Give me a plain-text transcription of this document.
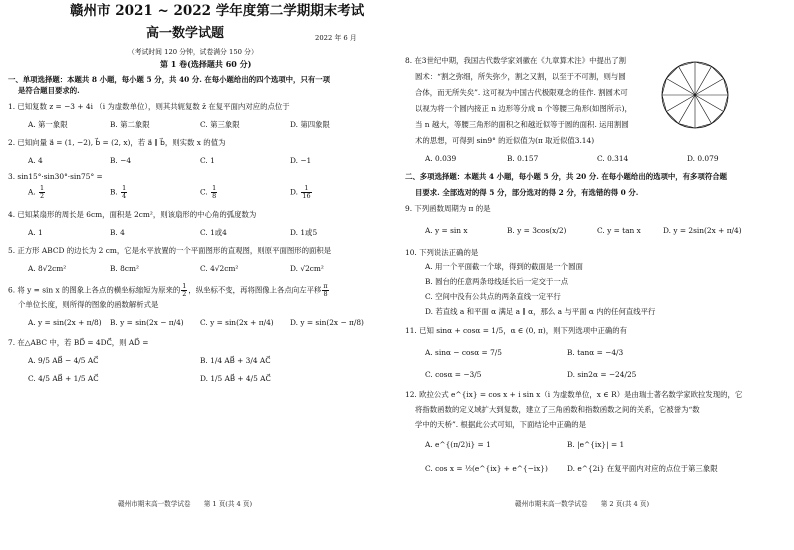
赣州市 2021 ~ 2022 学年度第二学期期末考试
高一数学试题	2022 年 6 月
（考试时间 120 分钟，试卷满分 150 分）
第 1 卷(选择题共 60 分)
一、单项选择题：本题共 8 小题，每小题 5 分，共 40 分. 在每小题给出的四个选项中，只有一项
是符合题目要求的.
1. 已知复数 z = −3 + 4i （i 为虚数单位），则其共轭复数 z̄ 在复平面内对应的点位于
A. 第一象限	B. 第二象限	C. 第三象限	D. 第四象限
2. 已知向量 a⃗ = (1, −2), b⃗ = (2, x)，若 a⃗ ∥ b⃗，则实数 x 的值为
A. 4	B. −4	C. 1	D. −1
3. sin15°·sin30°·sin75° =
A. $\frac{1}{2}$	B. $\frac{1}{4}$	C. $\frac{1}{8}$	D. $\frac{1}{16}$
4. 已知某扇形的周长是 6cm，面积是 2cm²，则该扇形的中心角的弧度数为
A. 1	B. 4	C. 1或4	D. 1或5
5. 正方形 ABCD 的边长为 2 cm，它是水平放置的一个平面图形的直观图，则原平面图形的面积是
A. 8√2cm²	B. 8cm²	C. 4√2cm²	D. √2cm²
6. 将 y = sin x 的图象上各点的横坐标缩短为原来的 $\frac{1}{2}$ ，纵坐标不变，再将图像上各点向左平移 $\frac{\pi}{8}$
个单位长度，则所得的图象的函数解析式是
A. y = sin(2x + π/8) B. y = sin(2x − π/4) C. y = sin(2x + π/4) D. y = sin(2x − π/8)
7. 在△ABC 中，若 BD⃗ = 4DC⃗，则 AD⃗ =
A. 9/5 AB⃗ − 4/5 AC⃗	B. 1/4 AB⃗ + 3/4 AC⃗
C. 4/5 AB⃗ + 1/5 AC⃗	D. 1/5 AB⃗ + 4/5 AC⃗
赣州市期末高一数学试卷　　第 1 页(共 4 页)
8. 在3世纪中期，我国古代数学家刘徽在《九章算术注》中提出了割
圆术：“割之弥细，所失弥少，割之又割，以至于不可割，则与圆
合体，而无所失矣”. 这可视为中国古代极限观念的佳作. 割圆术可
以视为将一个圆内接正 n 边形等分成 n 个等腰三角形(如图所示)，
当 n 越大，等腰三角形的面积之和越近似等于圆的面积. 运用割圆
术的思想，可得到 sin9° 的近似值为(π 取近似值3.14)
A. 0.039	B. 0.157	C. 0.314	D. 0.079
二、多项选择题：本题共 4 小题，每小题 5 分，共 20 分. 在每小题给出的选项中，有多项符合题
目要求. 全部选对的得 5 分，部分选对的得 2 分，有选错的得 0 分.
9. 下列函数周期为 π 的是
A. y = sin x	B. y = 3cos(x/2)	C. y = tan x	D. y = 2sin(2x + π/4)
10. 下列说法正确的是
A. 用一个平面截一个球，得到的截面是一个圆面
B. 圆台的任意两条母线延长后一定交于一点
C. 空间中没有公共点的两条直线一定平行
D. 若直线 a 和平面 α 满足 a ∥ α，那么 a 与平面 α 内的任何直线平行
11. 已知 sinα + cosα = 1/5，α ∈ (0, π)，则下列选项中正确的有
A. sinα − cosα = 7/5	B. tanα = −4/3
C. cosα = −3/5	D. sin2α = −24/25
12. 欧拉公式 e^{ix} = cos x + i sin x（i 为虚数单位，x ∈ R）是由瑞士著名数学家欧拉发现的，它
将指数函数的定义域扩大到复数，建立了三角函数和指数函数之间的关系，它被誉为“数
学中的天桥”. 根据此公式可知，下面结论中正确的是
A. e^{(π/2)i} = 1	B. |e^{ix}| = 1
C. cos x = ½(e^{ix} + e^{−ix})	D. e^{2i} 在复平面内对应的点位于第三象限
赣州市期末高一数学试卷　　第 2 页(共 4 页)
